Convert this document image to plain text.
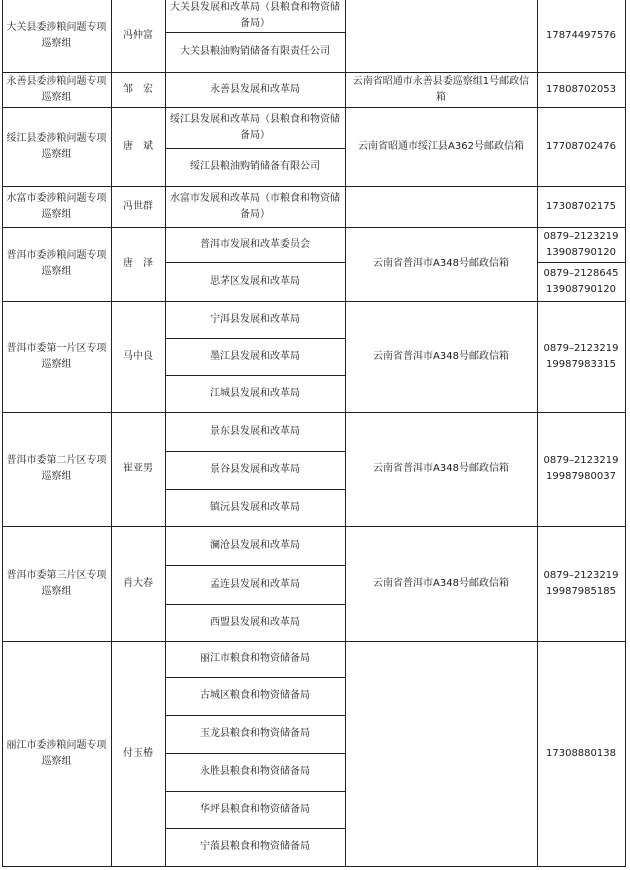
大关县委涉粮问题专项巡察组
冯仲富
大关县发展和改革局（县粮食和物资储备局）
大关县粮油购销储备有限责任公司
17874497576
永善县委涉粮问题专项巡察组
邹　宏	永善县发展和改革局
云南省昭通市永善县委巡察组1号邮政信箱
17808702053
绥江县委涉粮问题专项巡察组
唐　斌
绥江县发展和改革局（县粮食和物资储备局）
绥江县粮油购销储备有限公司
云南省昭通市绥江县A362号邮政信箱 17708702476
水富市委涉粮问题专项巡察组
冯世群
水富市发展和改革局（市粮食和物资储备局）
17308702175
普洱市委涉粮问题专项巡察组
唐　泽
普洱市发展和改革委员会
思茅区发展和改革局
云南省普洱市A348号邮政信箱
0879–2123219 13908790120
0879–2128645 13908790120
普洱市委第一片区专项巡察组
马中良
宁洱县发展和改革局
墨江县发展和改革局
江城县发展和改革局
云南省普洱市A348号邮政信箱
0879–2123219 19987983315
普洱市委第二片区专项巡察组
崔亚男
景东县发展和改革局
景谷县发展和改革局
镇沅县发展和改革局
云南省普洱市A348号邮政信箱
0879–2123219 19987980037
普洱市委第三片区专项巡察组
肖大春
澜沧县发展和改革局
孟连县发展和改革局
西盟县发展和改革局
云南省普洱市A348号邮政信箱
0879–2123219 19987985185
丽江市委涉粮问题专项巡察组
付玉椿
丽江市粮食和物资储备局
古城区粮食和物资储备局
玉龙县粮食和物资储备局
永胜县粮食和物资储备局
华坪县粮食和物资储备局
宁蒗县粮食和物资储备局
17308880138
